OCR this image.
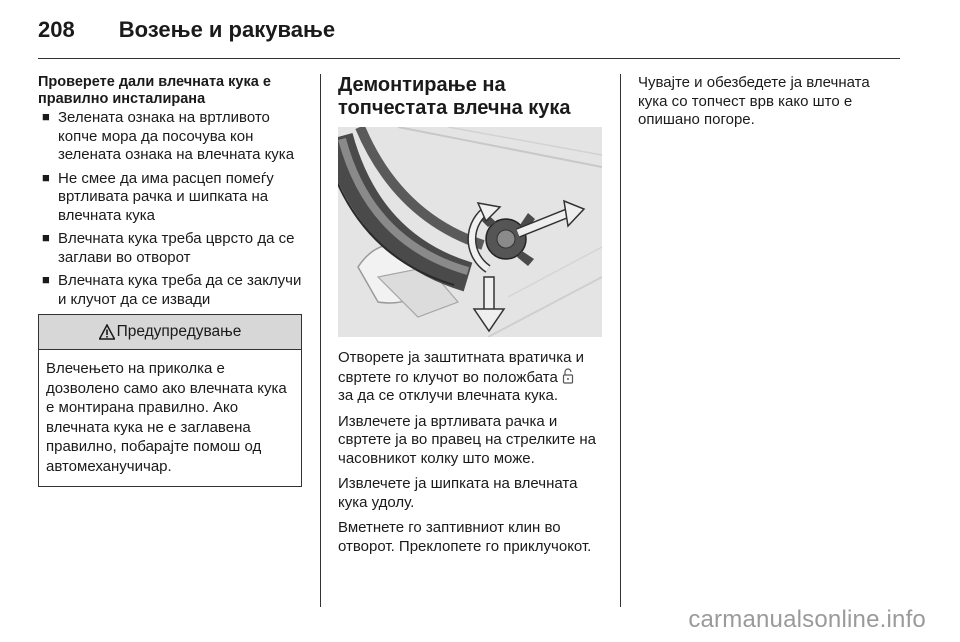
208 Возење и ракување

Проверете дали влечната кука е правилно инсталирана

■ Зелената ознака на вртливото копче мора да посочува кон зелената ознака на влечната кука
■ Не смее да има расцеп помеѓу вртливата рачка и шипката на влечната кука
■ Влечната кука треба цврсто да се заглави во отворот
■ Влечната кука треба да се заклучи и клучот да се извади
Предупредување
Влечењето на приколка е дозволено само ако влечната кука е монтирана правилно. Ако влечната кука не е заглавена правилно, побарајте помош од автомеханучичар.
Демонтирање на топчестата влечна кука

Отворете ја заштитната вратичка и свртете го клучот во положбата
за да се отклучи влечната кука.

Извлечете ја вртливата рачка и свртете ја во правец на стрелките на часовникот колку што може.

Извлечете ја шипката на влечната кука удолу.

Вметнете го заптивниот клин во отворот. Преклопете го приклучокот.

Чувајте и обезбедете ја влечната кука со топчест врв како што е опишано погоре.

carmanualsonline.info
